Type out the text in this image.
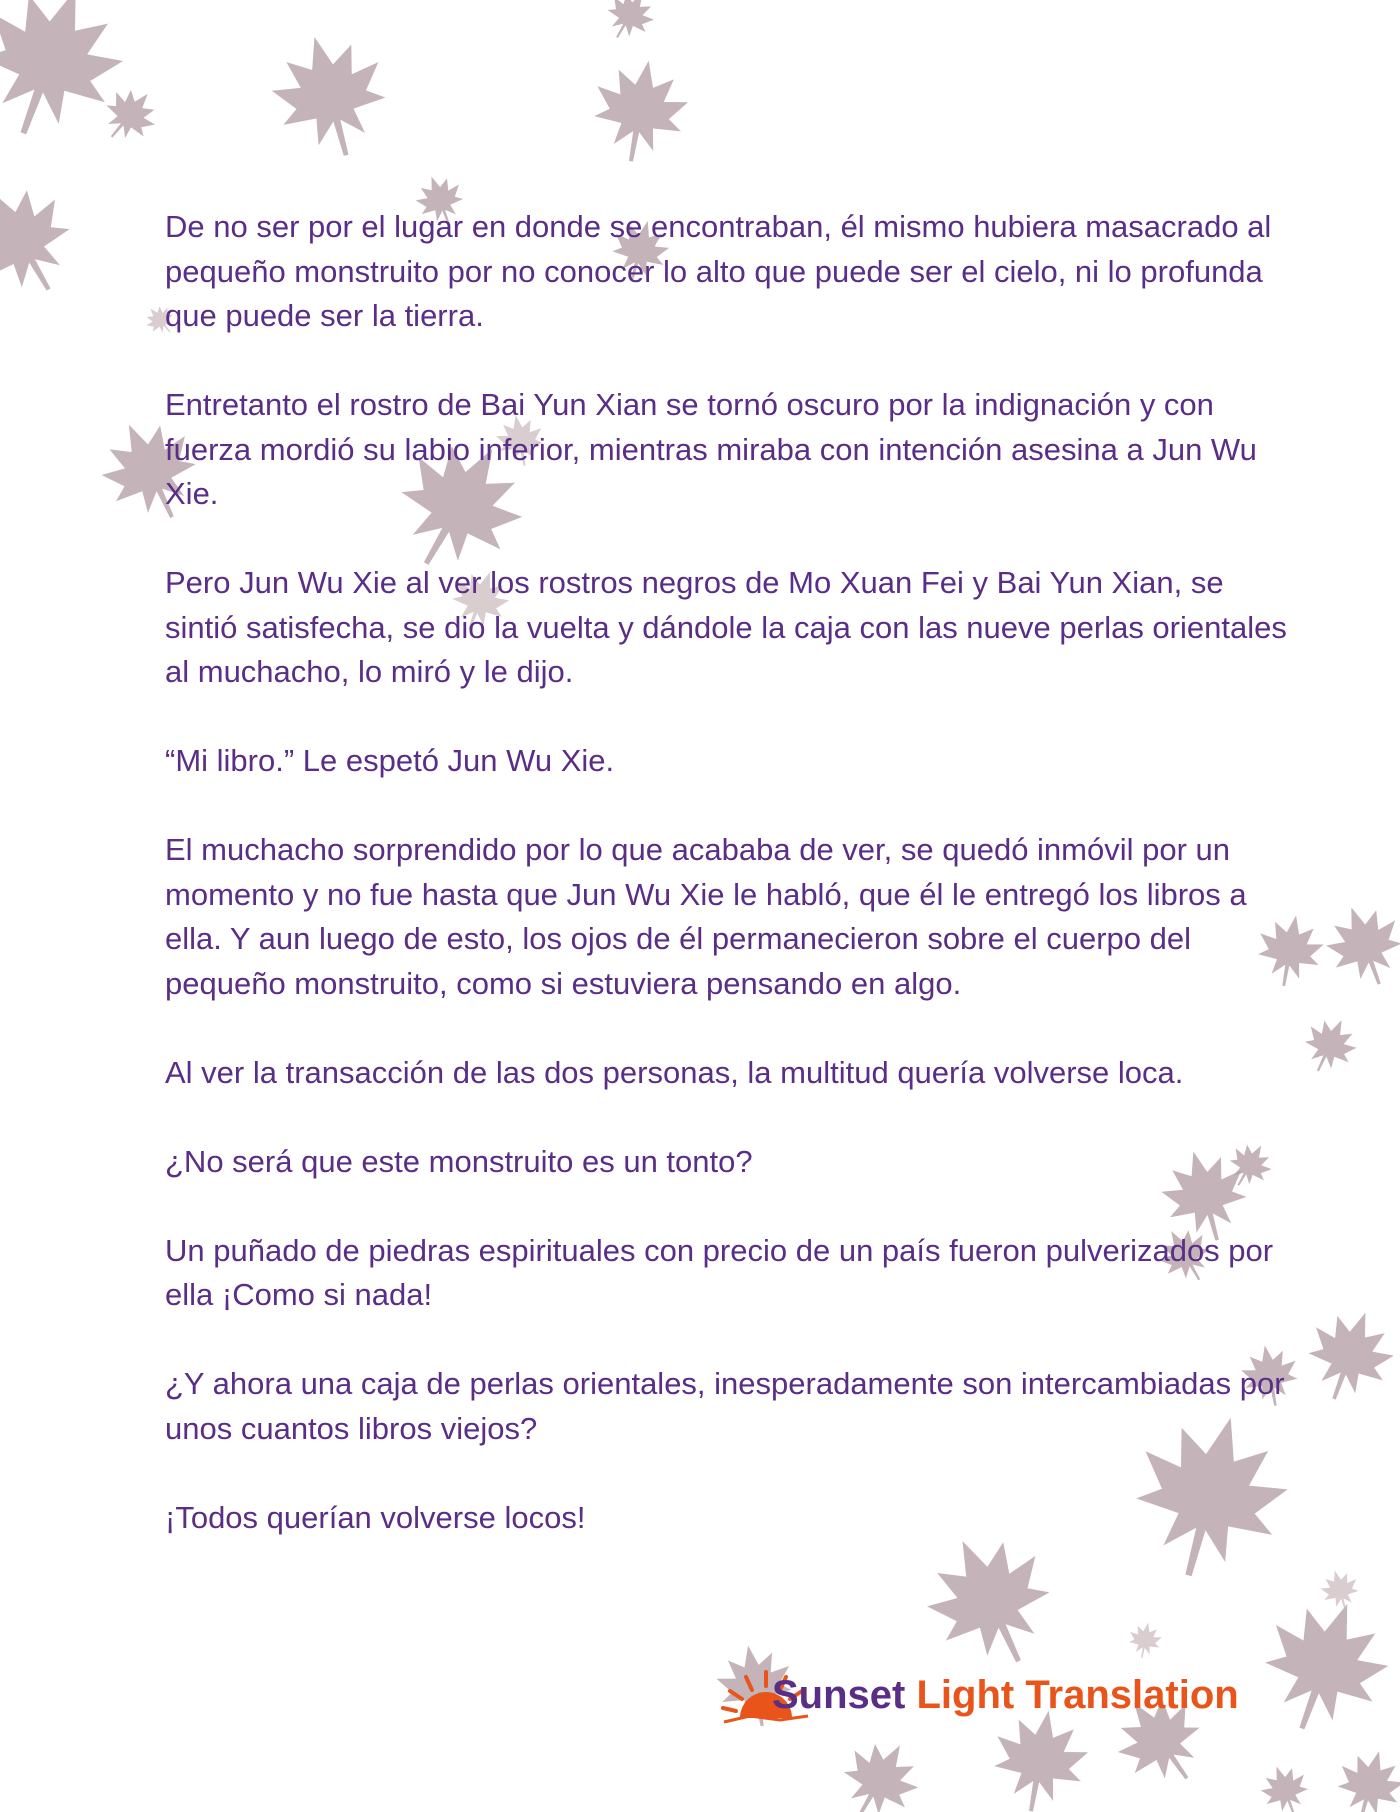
De no ser por el lugar en donde se encontraban, él mismo hubiera masacrado al pequeño monstruito por no conocer lo alto que puede ser el cielo, ni lo profunda que puede ser la tierra.

Entretanto el rostro de Bai Yun Xian se tornó oscuro por la indignación y con fuerza mordió su labio inferior, mientras miraba con intención asesina a Jun Wu Xie.

Pero Jun Wu Xie al ver los rostros negros de Mo Xuan Fei y Bai Yun Xian, se sintió satisfecha, se dio la vuelta y dándole la caja con las nueve perlas orientales al muchacho, lo miró y le dijo.

“Mi libro.” Le espetó Jun Wu Xie.

El muchacho sorprendido por lo que acababa de ver, se quedó inmóvil por un momento y no fue hasta que Jun Wu Xie le habló, que él le entregó los libros a ella. Y aun luego de esto, los ojos de él permanecieron sobre el cuerpo del pequeño monstruito, como si estuviera pensando en algo.

Al ver la transacción de las dos personas, la multitud quería volverse loca.

¿No será que este monstruito es un tonto?

Un puñado de piedras espirituales con precio de un país fueron pulverizados por ella ¡Como si nada!

¿Y ahora una caja de perlas orientales, inesperadamente son intercambiadas por unos cuantos libros viejos?

¡Todos querían volverse locos!

Sunset Light Translation
